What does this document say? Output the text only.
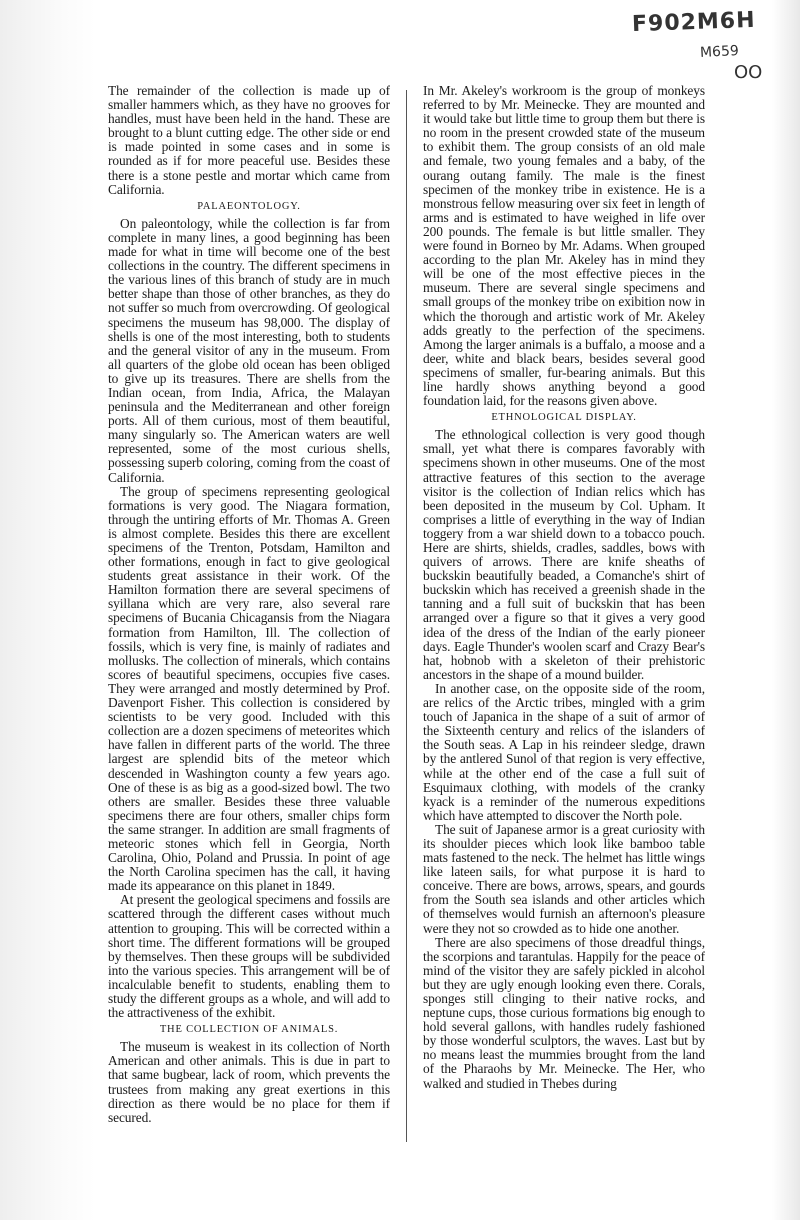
F902M6H
M659
OO

The remainder of the collection is made up of smaller hammers which, as they have no grooves for handles, must have been held in the hand. These are brought to a blunt cutting edge. The other side or end is made pointed in some cases and in some is rounded as if for more peaceful use. Besides these there is a stone pestle and mortar which came from California.

PALAEONTOLOGY.

On paleontology, while the collection is far from complete in many lines, a good beginning has been made for what in time will become one of the best collections in the country. The different specimens in the various lines of this branch of study are in much better shape than those of other branches, as they do not suffer so much from overcrowding. Of geological specimens the museum has 98,000. The display of shells is one of the most interesting, both to students and the general visitor of any in the museum. From all quarters of the globe old ocean has been obliged to give up its treasures. There are shells from the Indian ocean, from India, Africa, the Malayan peninsula and the Mediterranean and other foreign ports. All of them curious, most of them beautiful, many singularly so. The American waters are well represented, some of the most curious shells, possessing superb coloring, coming from the coast of California.

The group of specimens representing geological formations is very good. The Niagara formation, through the untiring efforts of Mr. Thomas A. Green is almost complete. Besides this there are excellent specimens of the Trenton, Potsdam, Hamilton and other formations, enough in fact to give geological students great assistance in their work. Of the Hamilton formation there are several specimens of syillana which are very rare, also several rare specimens of Bucania Chicagansis from the Niagara formation from Hamilton, Ill. The collection of fossils, which is very fine, is mainly of radiates and mollusks. The collection of minerals, which contains scores of beautiful specimens, occupies five cases. They were arranged and mostly determined by Prof. Davenport Fisher. This collection is considered by scientists to be very good. Included with this collection are a dozen specimens of meteorites which have fallen in different parts of the world. The three largest are splendid bits of the meteor which descended in Washington county a few years ago. One of these is as big as a good-sized bowl. The two others are smaller. Besides these three valuable specimens there are four others, smaller chips form the same stranger. In addition are small fragments of meteoric stones which fell in Georgia, North Carolina, Ohio, Poland and Prussia. In point of age the North Carolina specimen has the call, it having made its appearance on this planet in 1849.

At present the geological specimens and fossils are scattered through the different cases without much attention to grouping. This will be corrected within a short time. The different formations will be grouped by themselves. Then these groups will be subdivided into the various species. This arrangement will be of incalculable benefit to students, enabling them to study the different groups as a whole, and will add to the attractiveness of the exhibit.

THE COLLECTION OF ANIMALS.

The museum is weakest in its collection of North American and other animals. This is due in part to that same bugbear, lack of room, which prevents the trustees from making any great exertions in this direction as there would be no place for them if secured.

In Mr. Akeley's workroom is the group of monkeys referred to by Mr. Meinecke. They are mounted and it would take but little time to group them but there is no room in the present crowded state of the museum to exhibit them. The group consists of an old male and female, two young females and a baby, of the ourang outang family. The male is the finest specimen of the monkey tribe in existence. He is a monstrous fellow measuring over six feet in length of arms and is estimated to have weighed in life over 200 pounds. The female is but little smaller. They were found in Borneo by Mr. Adams. When grouped according to the plan Mr. Akeley has in mind they will be one of the most effective pieces in the museum. There are several single specimens and small groups of the monkey tribe on exibition now in which the thorough and artistic work of Mr. Akeley adds greatly to the perfection of the specimens. Among the larger animals is a buffalo, a moose and a deer, white and black bears, besides several good specimens of smaller, fur-bearing animals. But this line hardly shows anything beyond a good foundation laid, for the reasons given above.

ETHNOLOGICAL DISPLAY.

The ethnological collection is very good though small, yet what there is compares favorably with specimens shown in other museums. One of the most attractive features of this section to the average visitor is the collection of Indian relics which has been deposited in the museum by Col. Upham. It comprises a little of everything in the way of Indian toggery from a war shield down to a tobacco pouch. Here are shirts, shields, cradles, saddles, bows with quivers of arrows. There are knife sheaths of buckskin beautifully beaded, a Comanche's shirt of buckskin which has received a greenish shade in the tanning and a full suit of buckskin that has been arranged over a figure so that it gives a very good idea of the dress of the Indian of the early pioneer days. Eagle Thunder's woolen scarf and Crazy Bear's hat, hobnob with a skeleton of their prehistoric ancestors in the shape of a mound builder.

In another case, on the opposite side of the room, are relics of the Arctic tribes, mingled with a grim touch of Japanica in the shape of a suit of armor of the Sixteenth century and relics of the islanders of the South seas. A Lap in his reindeer sledge, drawn by the antlered Sunol of that region is very effective, while at the other end of the case a full suit of Esquimaux clothing, with models of the cranky kyack is a reminder of the numerous expeditions which have attempted to discover the North pole.

The suit of Japanese armor is a great curiosity with its shoulder pieces which look like bamboo table mats fastened to the neck. The helmet has little wings like lateen sails, for what purpose it is hard to conceive. There are bows, arrows, spears, and gourds from the South sea islands and other articles which of themselves would furnish an afternoon's pleasure were they not so crowded as to hide one another.

There are also specimens of those dreadful things, the scorpions and tarantulas. Happily for the peace of mind of the visitor they are safely pickled in alcohol but they are ugly enough looking even there. Corals, sponges still clinging to their native rocks, and neptune cups, those curious formations big enough to hold several gallons, with handles rudely fashioned by those wonderful sculptors, the waves. Last but by no means least the mummies brought from the land of the Pharaohs by Mr. Meinecke. The Her, who walked and studied in Thebes during
